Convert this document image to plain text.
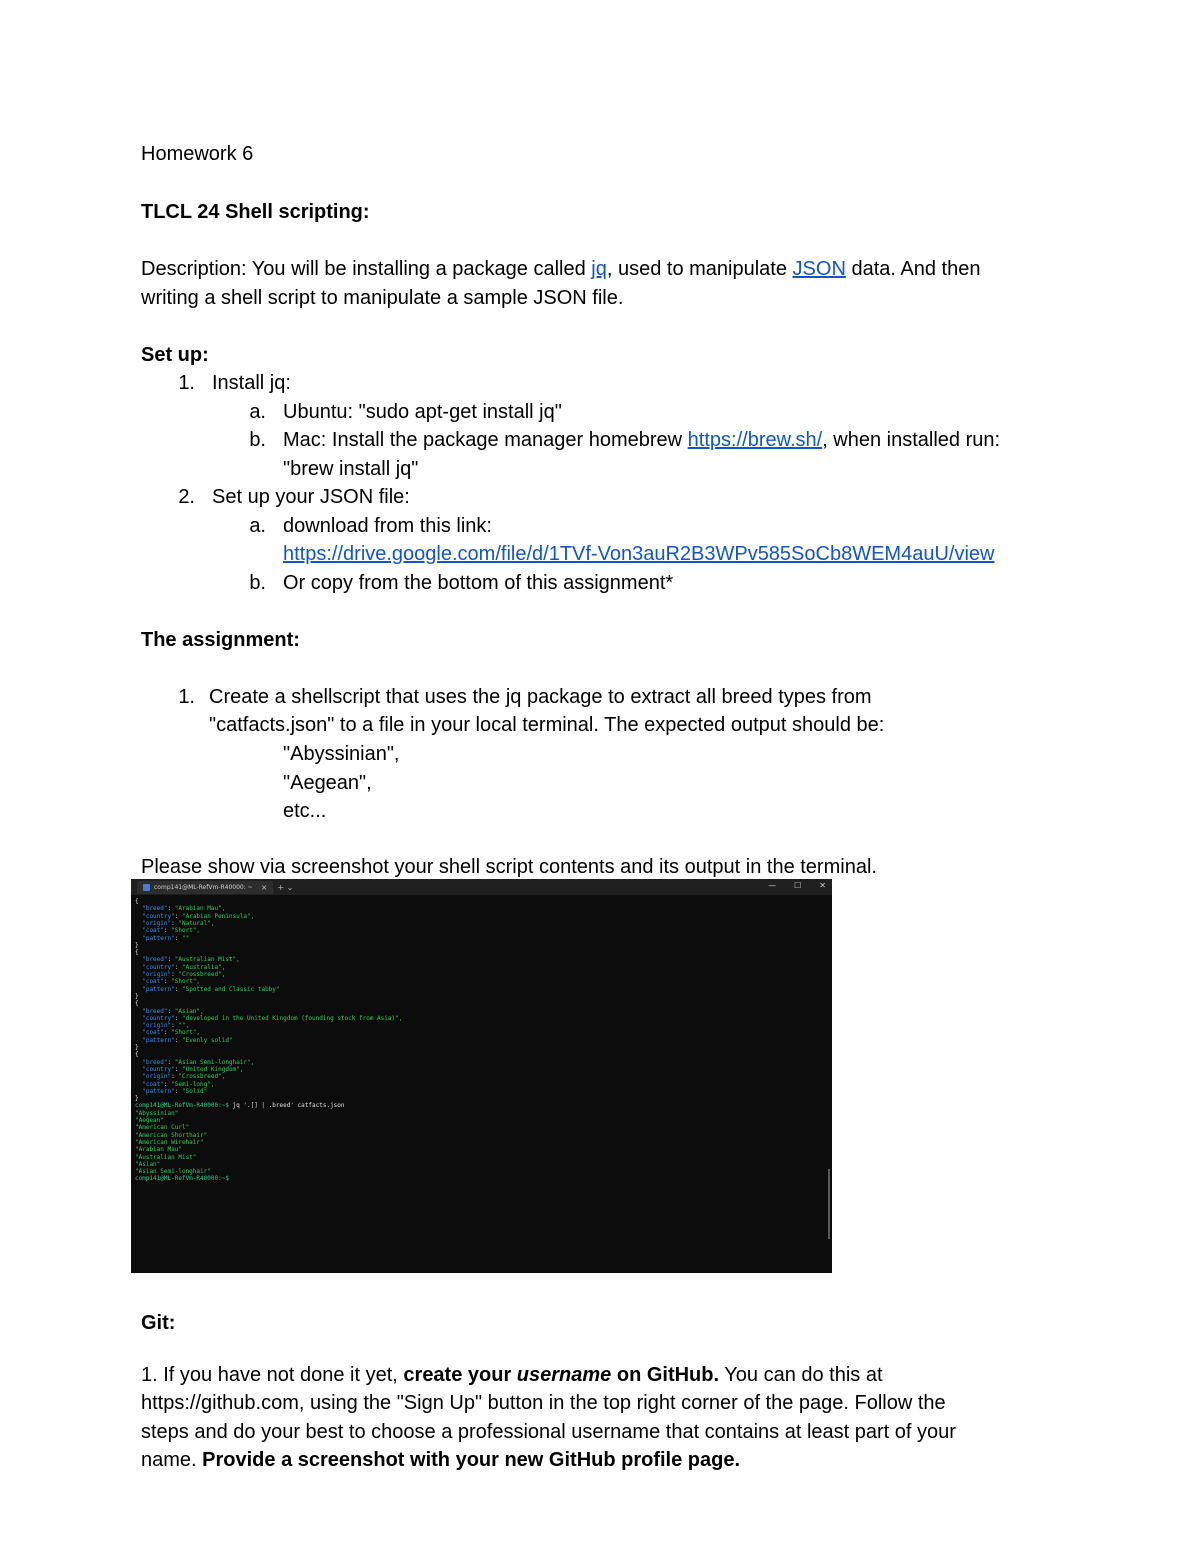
Homework 6
TLCL 24 Shell scripting:
Description: You will be installing a package called jq, used to manipulate JSON data. And then
writing a shell script to manipulate a sample JSON file.
Set up:
1. Install jq:
a. Ubuntu: "sudo apt-get install jq"
b. Mac: Install the package manager homebrew https://brew.sh/, when installed run:
"brew install jq"
2. Set up your JSON file:
a. download from this link:
https://drive.google.com/file/d/1TVf-Von3auR2B3WPv585SoCb8WEM4auU/view
b. Or copy from the bottom of this assignment*
The assignment:
1. Create a shellscript that uses the jq package to extract all breed types from
"catfacts.json" to a file in your local terminal. The expected output should be:
"Abyssinian",
"Aegean",
etc...
Please show via screenshot your shell script contents and its output in the terminal.
comp141@ML-RefVm-R40000: ~ × + ⌄	— ☐ ✕
{
"breed": "Arabian Mau",
"country": "Arabian Peninsula",
"origin": "Natural",
"coat": "Short",
"pattern": ""
}
{
"breed": "Australian Mist",
"country": "Australia",
"origin": "Crossbreed",
"coat": "Short",
"pattern": "Spotted and Classic tabby"
}
{
"breed": "Asian",
"country": "developed in the United Kingdom (founding stock from Asia)",
"origin": "",
"coat": "Short",
"pattern": "Evenly solid"
}
{
"breed": "Asian Semi-longhair",
"country": "United Kingdom",
"origin": "Crossbreed",
"coat": "Semi-long",
"pattern": "Solid"
}
comp141@ML-RefVm-R40000:~$ jq '.[] | .breed' catfacts.json
"Abyssinian"
"Aegean"
"American Curl"
"American Shorthair"
"American Wirehair"
"Arabian Mau"
"Australian Mist"
"Asian"
"Asian Semi-longhair"
comp141@ML-RefVm-R40000:~$
Git:
1. If you have not done it yet, create your username on GitHub. You can do this at
https://github.com, using the "Sign Up" button in the top right corner of the page. Follow the
steps and do your best to choose a professional username that contains at least part of your
name. Provide a screenshot with your new GitHub profile page.
